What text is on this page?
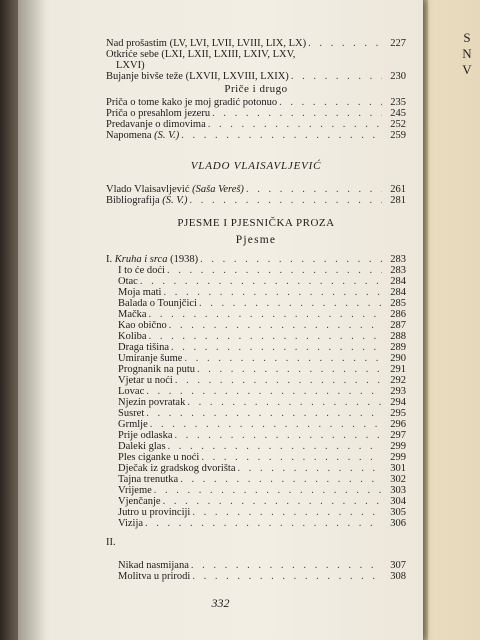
S
N
V
Nad prošastim (LV, LVI, LVII, LVIII, LIX, LX) . . .	227
Otkriće sebe (LXI, LXII, LXIII, LXIV, LXV,
LXVI)
Bujanje bivše teže (LXVII, LXVIII, LXIX) . . .	230
Priče i drugo
Priča o tome kako je moj gradić potonuo . . .	235
Priča o presahlom jezeru . . .	245
Predavanje o dimovima . . .	252
Napomena (S. V.) . . .	259
VLADO VLAISAVLJEVIĆ
Vlado Vlaisavljević (Saša Vereš) . . .	261
Bibliografija (S. V.) . . .	281
PJESME I PJESNIČKA PROZA
Pjesme
I. Kruha i srca (1938) . . .	283
I to će doći . . .	283
Otac . . .	284
Moja mati . . .	284
Balada o Tounjčici . . .	285
Mačka . . .	286
Kao obično . . .	287
Koliba . . .	288
Draga tišina . . .	289
Umiranje šume . . .	290
Prognanik na putu . . .	291
Vjetar u noći . . .	292
Lovac . . .	293
Njezin povratak . . .	294
Susret . . .	295
Grmlje . . .	296
Prije odlaska . . .	297
Daleki glas . . .	299
Ples ciganke u noći . . .	299
Dječak iz gradskog dvorišta . . .	301
Tajna trenutka . . .	302
Vrijeme . . .	303
Vjenčanje . . .	304
Jutro u provinciji . . .	305
Vizija . . .	306
II.
Nikad nasmijana . . .	307
Molitva u prirodi . . .	308
332
